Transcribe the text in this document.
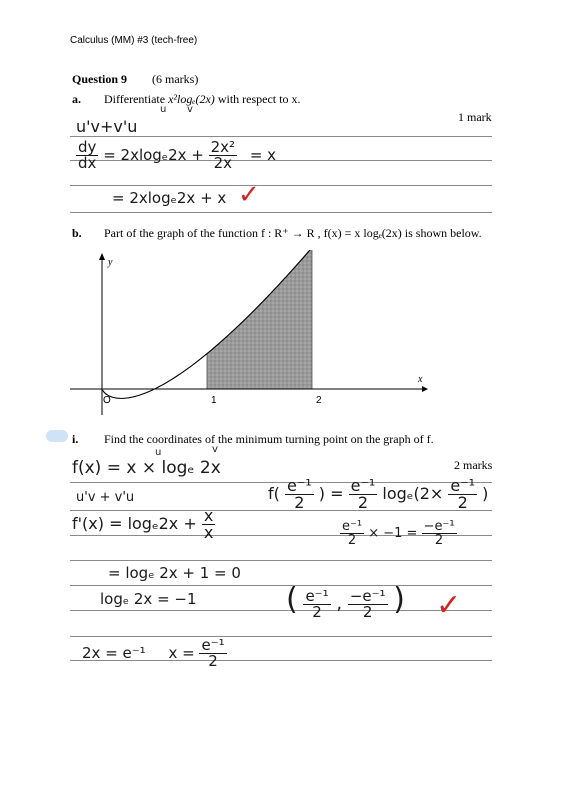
Calculus (MM) #3 (tech-free)
Question 9 (6 marks)
a. Differentiate x²logₑ(2x) with respect to x.
u v
1 mark
u'v+v'u
$\frac{dy}{dx} = 2xlog_e2x + \frac{\text{2x²}}{2x} = x$
= 2xlogₑ2x + x ✓
b. Part of the graph of the function f : R⁺ → R , f(x) = x logₑ(2x) is shown below.
y
x
O	1	2
i. Find the coordinates of the minimum turning point on the graph of f.
2 marks
u	v
f(x) = x × logₑ 2x
u'v + v'u
$f'(x) = \log_e2x + \frac{x}{x}$
= logₑ 2x + 1 = 0
logₑ 2x = −1
2x = e⁻¹ $x = \frac{\text{e⁻¹}}{2}$
$f( \frac{\text{e⁻¹}}{2}$ ) = $\frac{\text{e⁻¹}}{2} \log_e(2\times \frac{\text{e⁻¹}}{2}$ )
$\frac{\text{e⁻¹}}{2} \times -1 = \frac{\text{−e⁻¹}}{2}$
( $\frac{\text{e⁻¹}}{2}$ , $\frac{\text{−e⁻¹}}{2}$ ) ✓
